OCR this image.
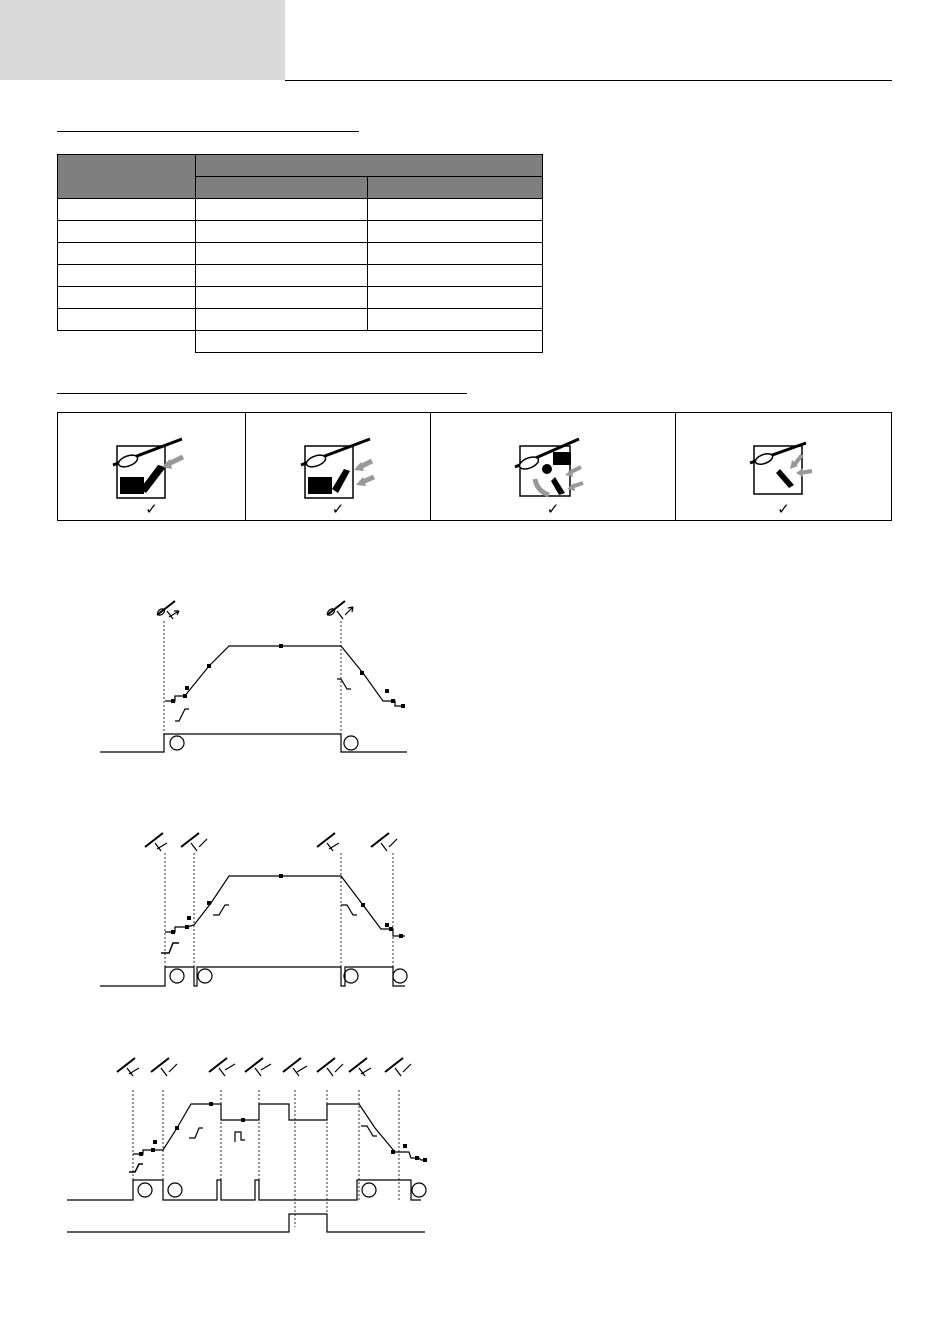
✓	✓	✓	✓
